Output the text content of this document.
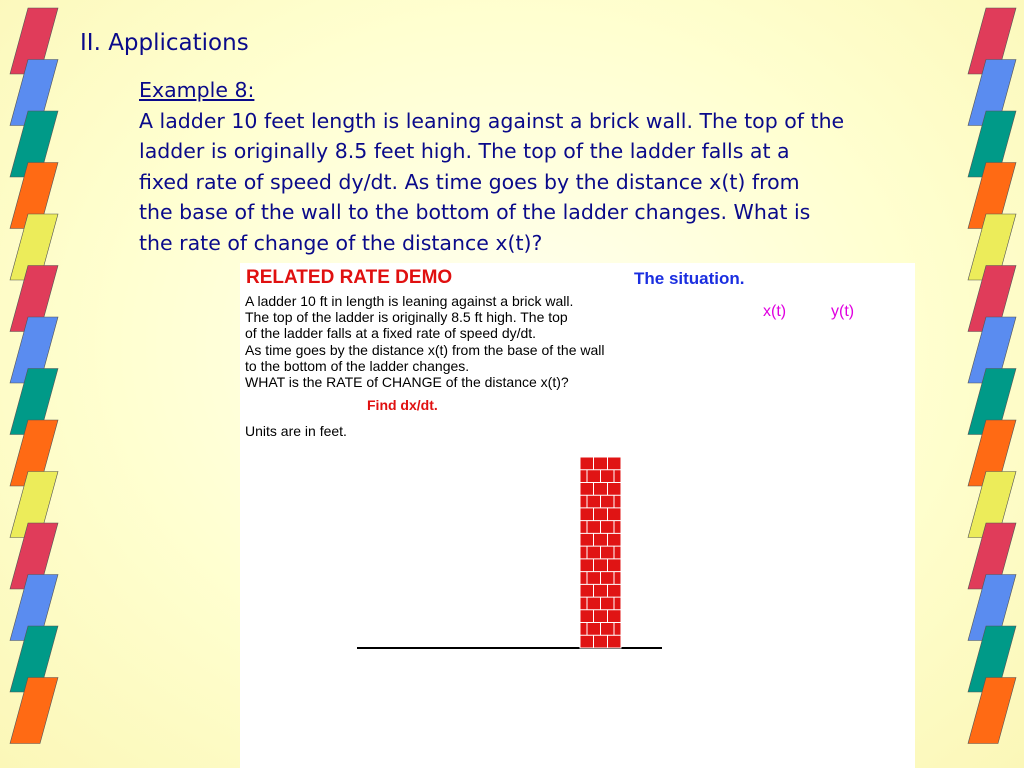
II. Applications
Example 8:
A ladder 10 feet length is leaning against a brick wall. The top of the
ladder is originally 8.5 feet high. The top of the ladder falls at a
fixed rate of speed dy/dt. As time goes by the distance x(t) from
the base of the wall to the bottom of the ladder changes. What is
the rate of change of the distance x(t)?
RELATED RATE DEMO	The situation.
A ladder 10 ft in length is leaning against a brick wall.
The top of the ladder is originally 8.5 ft high. The top
of the ladder falls at a fixed rate of speed dy/dt.
As time goes by the distance x(t) from the base of the wall
to the bottom of the ladder changes.
WHAT is the RATE of CHANGE of the distance x(t)?
Find dx/dt.
Units are in feet.
x(t)	y(t)
